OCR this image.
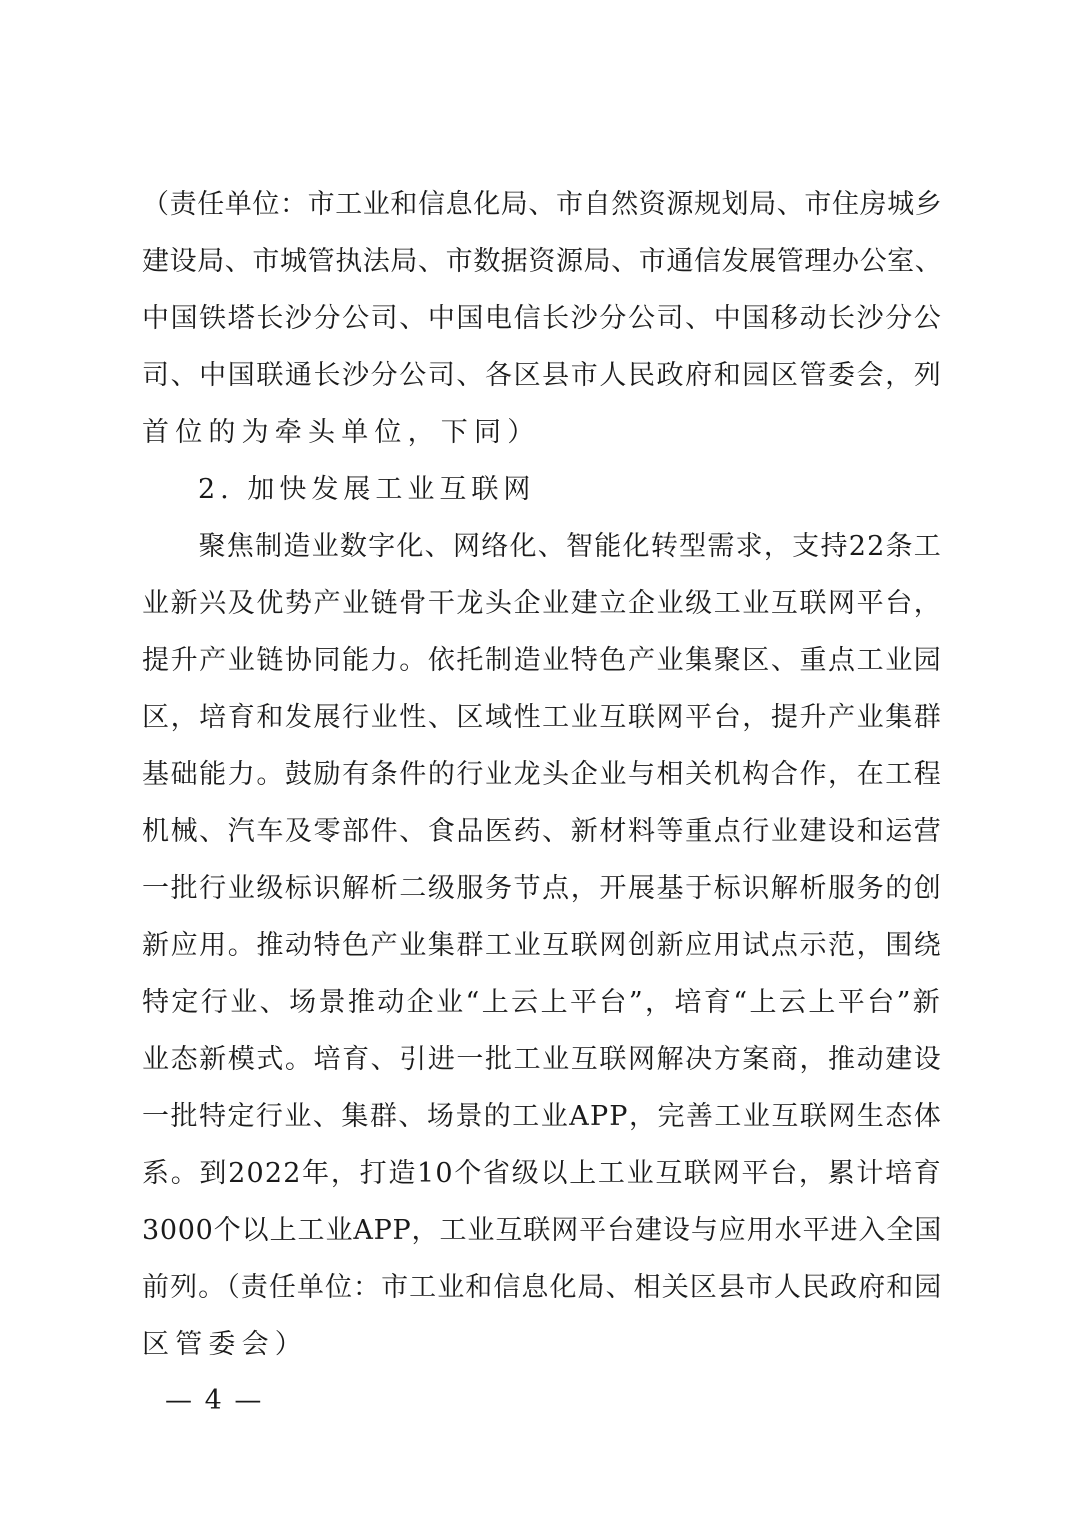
（责任单位：市工业和信息化局、市自然资源规划局、市住房城乡
建设局、市城管执法局、市数据资源局、市通信发展管理办公室、
中国铁塔长沙分公司、中国电信长沙分公司、中国移动长沙分公
司、中国联通长沙分公司、各区县市人民政府和园区管委会，列
首位的为牵头单位，下同）
2. 加快发展工业互联网
　　聚焦制造业数字化、网络化、智能化转型需求，支持22条工
业新兴及优势产业链骨干龙头企业建立企业级工业互联网平台，
提升产业链协同能力。依托制造业特色产业集聚区、重点工业园
区，培育和发展行业性、区域性工业互联网平台，提升产业集群
基础能力。鼓励有条件的行业龙头企业与相关机构合作，在工程
机械、汽车及零部件、食品医药、新材料等重点行业建设和运营
一批行业级标识解析二级服务节点，开展基于标识解析服务的创
新应用。推动特色产业集群工业互联网创新应用试点示范，围绕
特定行业、场景推动企业“上云上平台”，培育“上云上平台”新
业态新模式。培育、引进一批工业互联网解决方案商，推动建设
一批特定行业、集群、场景的工业APP，完善工业互联网生态体
系。到2022年，打造10个省级以上工业互联网平台，累计培育
3000个以上工业APP，工业互联网平台建设与应用水平进入全国
前列。（责任单位：市工业和信息化局、相关区县市人民政府和园
区管委会）
— 4 —
